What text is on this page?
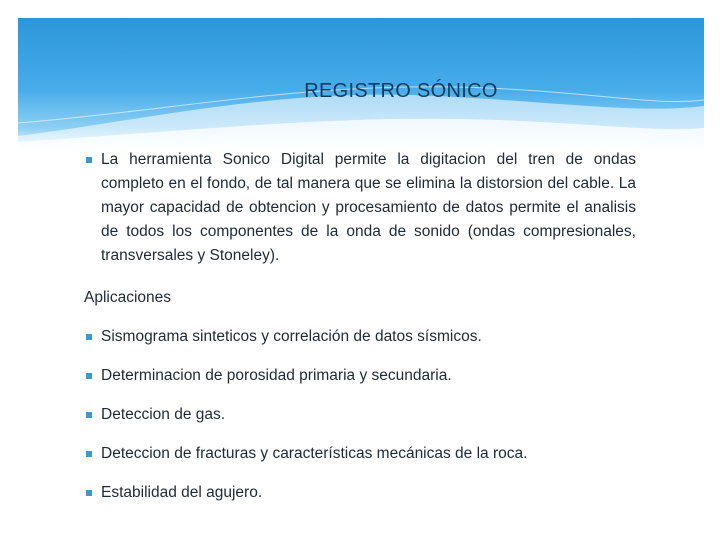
REGISTRO SÓNICO

La herramienta Sonico Digital permite la digitacion del tren de ondas completo en el fondo, de tal manera que se elimina la distorsion del cable. La mayor capacidad de obtencion y procesamiento de datos permite el analisis de todos los componentes de la onda de sonido (ondas compresionales, transversales y Stoneley).

Aplicaciones

Sismograma sinteticos y correlación de datos sísmicos.
Determinacion de porosidad primaria y secundaria.
Deteccion de gas.
Deteccion de fracturas y características mecánicas de la roca.
Estabilidad del agujero.
